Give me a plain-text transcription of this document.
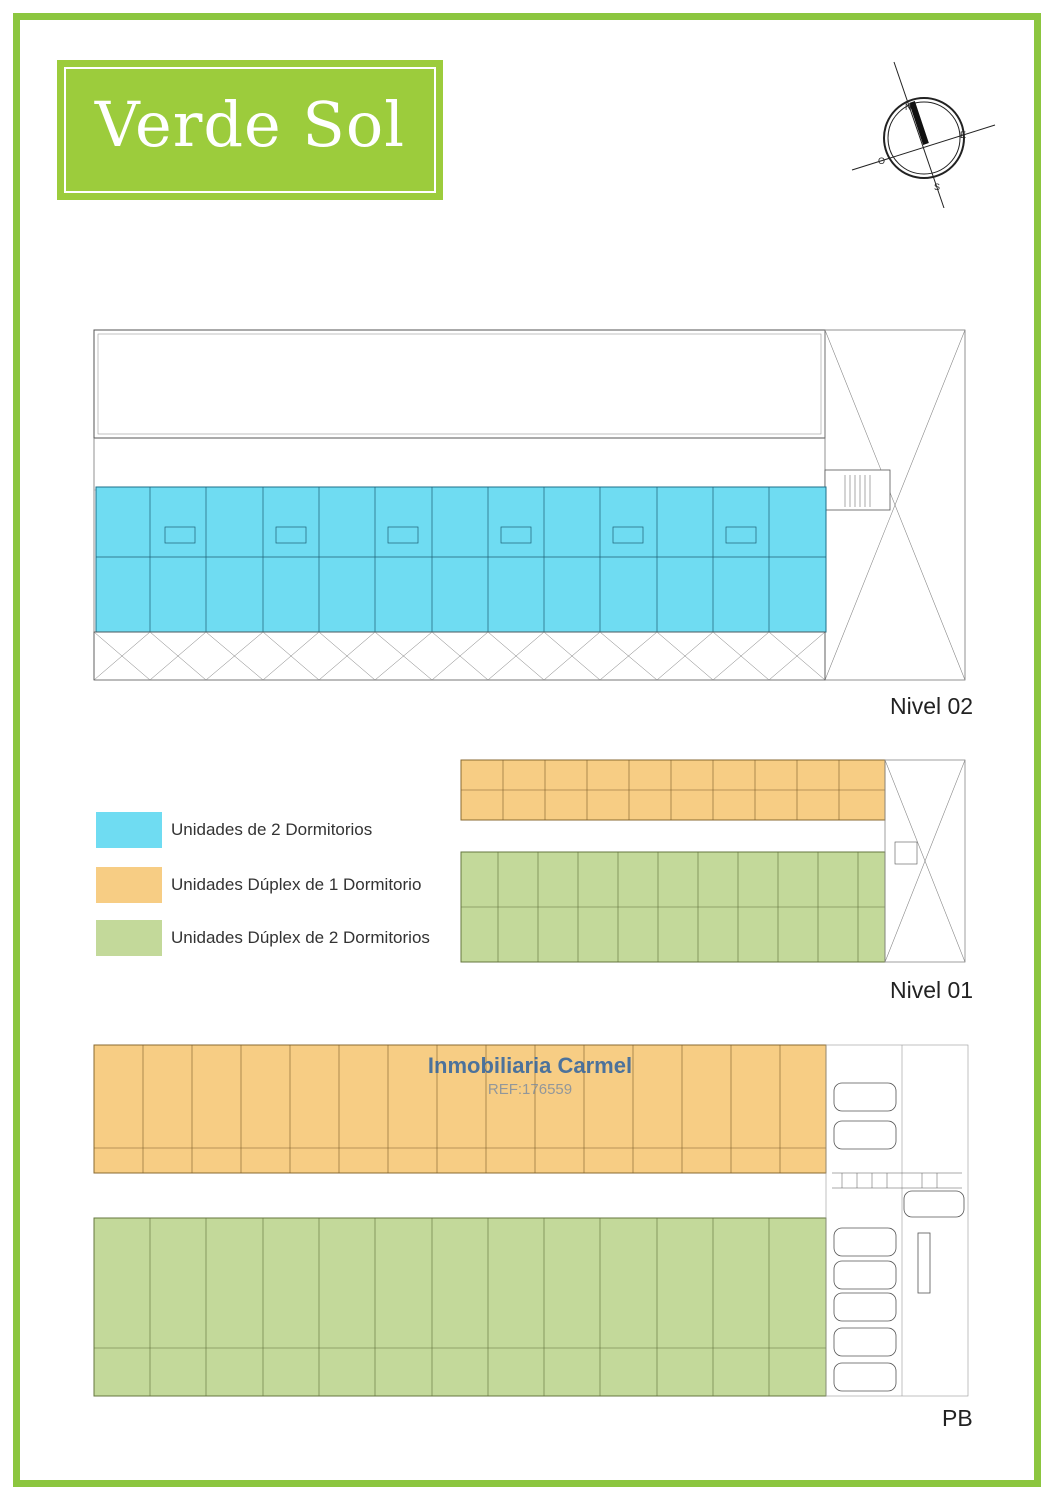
Verde Sol	N
E
S
O
Nivel 02
Unidades de 2 Dormitorios
Unidades Dúplex de 1 Dormitorio
Unidades Dúplex de 2 Dormitorios
Nivel 01
PB
Inmobiliaria Carmel
REF:176559
